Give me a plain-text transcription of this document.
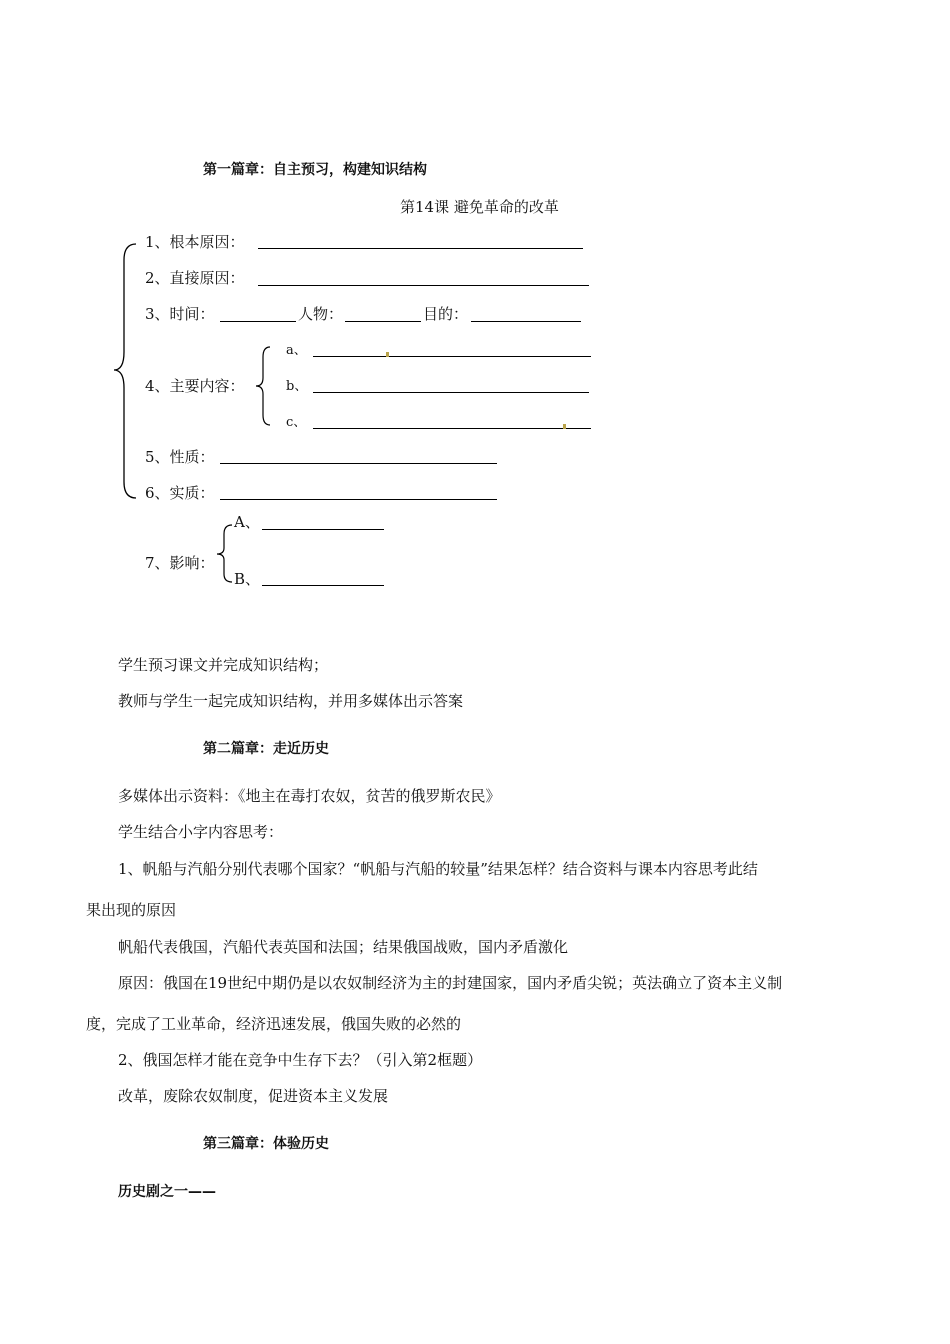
第一篇章：自主预习，构建知识结构
第14课 避免革命的改革
1、根本原因：
2、直接原因：
3、时间：	人物：	目的：
4、主要内容：
a、
b、
c、
5、性质：
6、实质：
7、影响：
A、
B、
学生预习课文并完成知识结构；
教师与学生一起完成知识结构，并用多媒体出示答案
第二篇章：走近历史
多媒体出示资料：《地主在毒打农奴，贫苦的俄罗斯农民》
学生结合小字内容思考：
1、帆船与汽船分别代表哪个国家？“帆船与汽船的较量”结果怎样？结合资料与课本内容思考此结
果出现的原因
帆船代表俄国，汽船代表英国和法国；结果俄国战败，国内矛盾激化
原因：俄国在19世纪中期仍是以农奴制经济为主的封建国家，国内矛盾尖锐；英法确立了资本主义制
度，完成了工业革命，经济迅速发展，俄国失败的必然的
2、俄国怎样才能在竞争中生存下去？（引入第2框题）
改革，废除农奴制度，促进资本主义发展
第三篇章：体验历史
历史剧之一——
